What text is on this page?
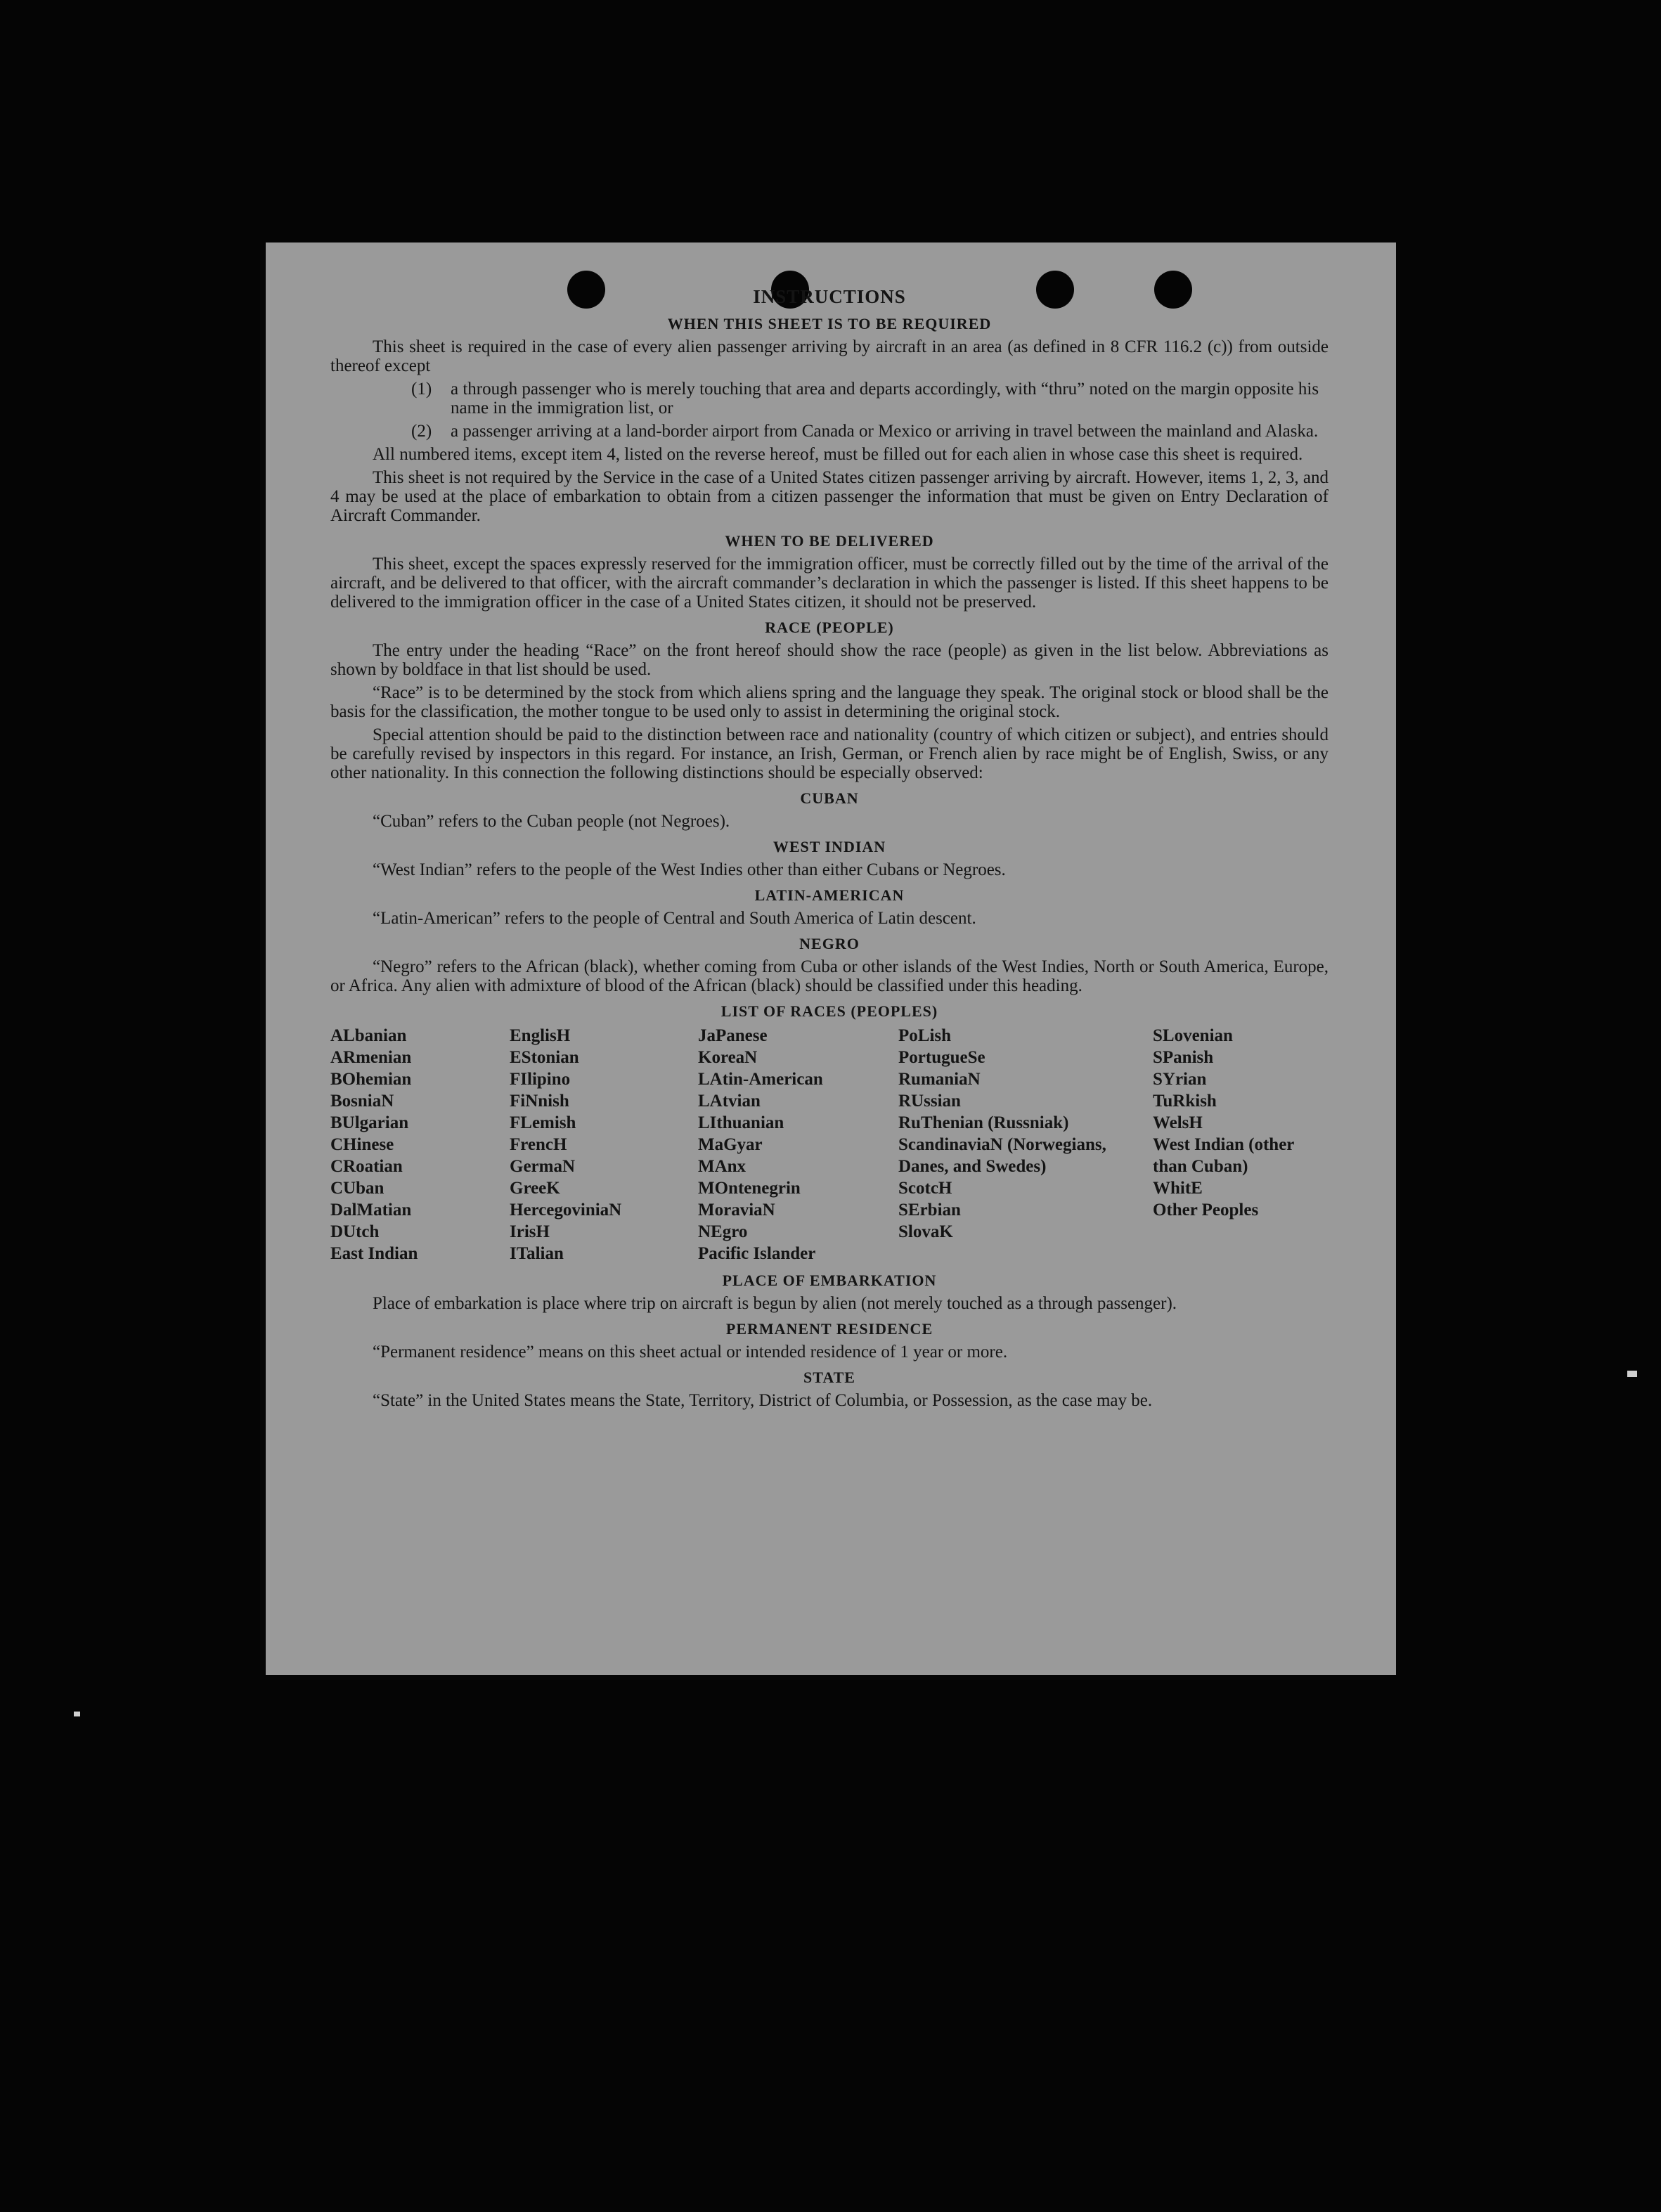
INSTRUCTIONS
WHEN THIS SHEET IS TO BE REQUIRED
This sheet is required in the case of every alien passenger arriving by aircraft in an area (as defined in 8 CFR 116.2 (c)) from outside thereof except
(1)	a through passenger who is merely touching that area and departs accordingly, with “thru” noted on the margin opposite his name in the immigration list, or
(2)	a passenger arriving at a land-border airport from Canada or Mexico or arriving in travel between the mainland and Alaska.
All numbered items, except item 4, listed on the reverse hereof, must be filled out for each alien in whose case this sheet is required.
This sheet is not required by the Service in the case of a United States citizen passenger arriving by aircraft. However, items 1, 2, 3, and 4 may be used at the place of embarkation to obtain from a citizen passenger the information that must be given on Entry Declaration of Aircraft Commander.
WHEN TO BE DELIVERED
This sheet, except the spaces expressly reserved for the immigration officer, must be correctly filled out by the time of the arrival of the aircraft, and be delivered to that officer, with the aircraft commander’s declaration in which the passenger is listed. If this sheet happens to be delivered to the immigration officer in the case of a United States citizen, it should not be preserved.
RACE (PEOPLE)
The entry under the heading “Race” on the front hereof should show the race (people) as given in the list below. Abbreviations as shown by boldface in that list should be used.
“Race” is to be determined by the stock from which aliens spring and the language they speak. The original stock or blood shall be the basis for the classification, the mother tongue to be used only to assist in determining the original stock.
Special attention should be paid to the distinction between race and nationality (country of which citizen or subject), and entries should be carefully revised by inspectors in this regard. For instance, an Irish, German, or French alien by race might be of English, Swiss, or any other nationality. In this connection the following distinctions should be especially observed:
CUBAN
“Cuban” refers to the Cuban people (not Negroes).
WEST INDIAN
“West Indian” refers to the people of the West Indies other than either Cubans or Negroes.
LATIN-AMERICAN
“Latin-American” refers to the people of Central and South America of Latin descent.
NEGRO
“Negro” refers to the African (black), whether coming from Cuba or other islands of the West Indies, North or South America, Europe, or Africa. Any alien with admixture of blood of the African (black) should be classified under this heading.
LIST OF RACES (PEOPLES)
ALbanian
ARmenian
BOhemian
BosniaN
BUlgarian
CHinese
CRoatian
CUban
DalMatian
DUtch
East Indian
EnglisH
EStonian
FIlipino
FiNnish
FLemish
FrencH
GermaN
GreeK
HercegoviniaN
IrisH
ITalian
JaPanese
KoreaN
LAtin-American
LAtvian
LIthuanian
MaGyar
MAnx
MOntenegrin
MoraviaN
NEgro
Pacific Islander
PoLish
PortugueSe
RumaniaN
RUssian
RuThenian (Russniak)
ScandinaviaN (Norwegians, Danes, and Swedes)
ScotcH
SErbian
SlovaK
SLovenian
SPanish
SYrian
TuRkish
WelsH
West Indian (other than Cuban)
WhitE
Other Peoples
PLACE OF EMBARKATION
Place of embarkation is place where trip on aircraft is begun by alien (not merely touched as a through passenger).
PERMANENT RESIDENCE
“Permanent residence” means on this sheet actual or intended residence of 1 year or more.
STATE
“State” in the United States means the State, Territory, District of Columbia, or Possession, as the case may be.
